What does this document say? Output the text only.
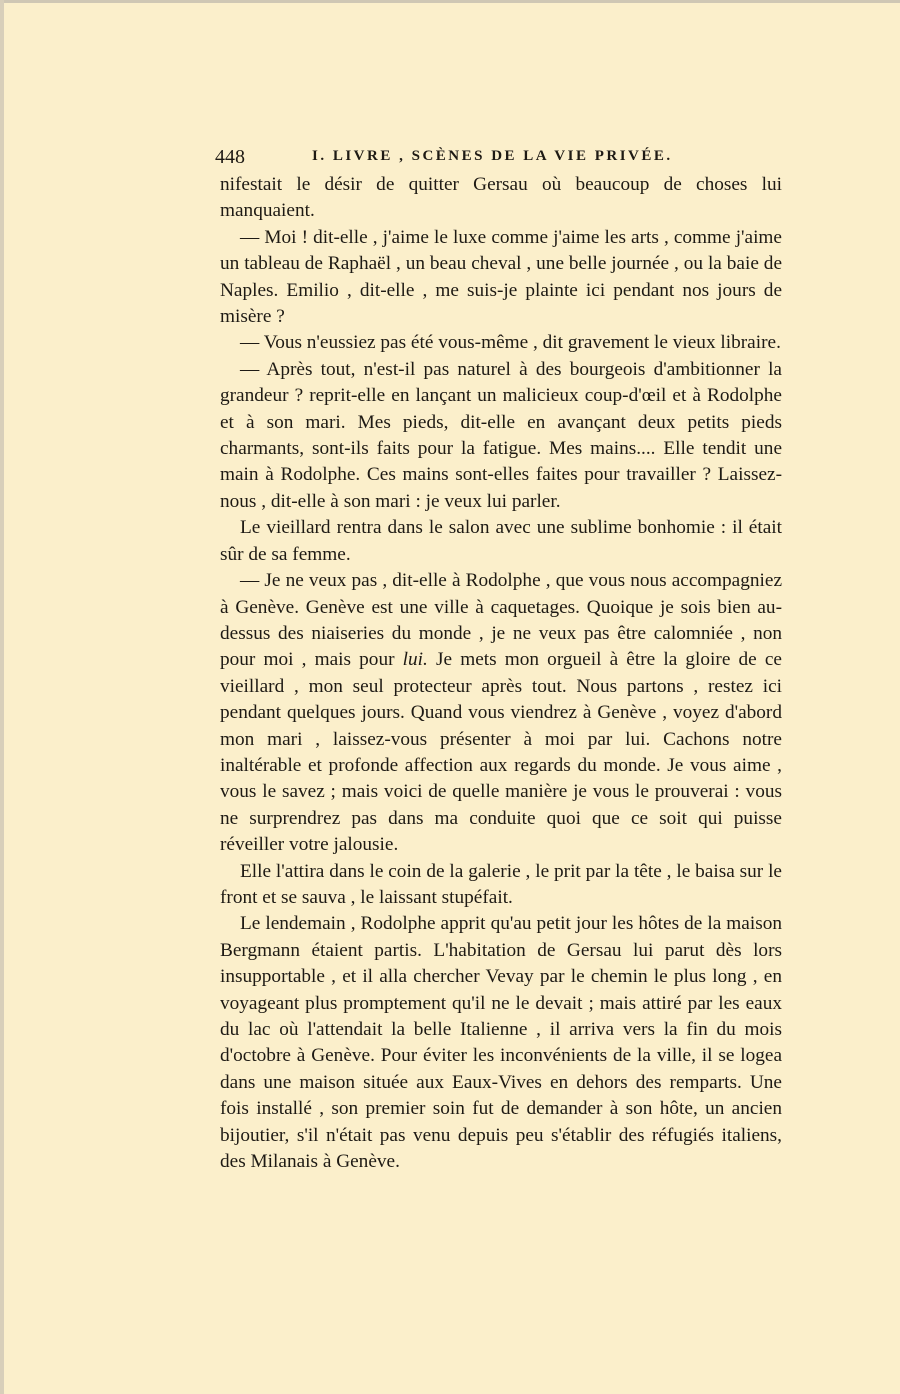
448	I. LIVRE , SCÈNES DE LA VIE PRIVÉE.

nifestait le désir de quitter Gersau où beaucoup de choses lui manquaient.

— Moi ! dit-elle , j'aime le luxe comme j'aime les arts , comme j'aime un tableau de Raphaël , un beau cheval , une belle journée , ou la baie de Naples. Emilio , dit-elle , me suis-je plainte ici pendant nos jours de misère ?

— Vous n'eussiez pas été vous-même , dit gravement le vieux libraire.

— Après tout, n'est-il pas naturel à des bourgeois d'ambitionner la grandeur ? reprit-elle en lançant un malicieux coup-d'œil et à Rodolphe et à son mari. Mes pieds, dit-elle en avançant deux petits pieds charmants, sont-ils faits pour la fatigue. Mes mains.... Elle tendit une main à Rodolphe. Ces mains sont-elles faites pour travailler ? Laissez-nous , dit-elle à son mari : je veux lui parler.

Le vieillard rentra dans le salon avec une sublime bonhomie : il était sûr de sa femme.

— Je ne veux pas , dit-elle à Rodolphe , que vous nous accompagniez à Genève. Genève est une ville à caquetages. Quoique je sois bien au-dessus des niaiseries du monde , je ne veux pas être calomniée , non pour moi , mais pour lui. Je mets mon orgueil à être la gloire de ce vieillard , mon seul protecteur après tout. Nous partons , restez ici pendant quelques jours. Quand vous viendrez à Genève , voyez d'abord mon mari , laissez-vous présenter à moi par lui. Cachons notre inaltérable et profonde affection aux regards du monde. Je vous aime , vous le savez ; mais voici de quelle manière je vous le prouverai : vous ne surprendrez pas dans ma conduite quoi que ce soit qui puisse réveiller votre jalousie.

Elle l'attira dans le coin de la galerie , le prit par la tête , le baisa sur le front et se sauva , le laissant stupéfait.

Le lendemain , Rodolphe apprit qu'au petit jour les hôtes de la maison Bergmann étaient partis. L'habitation de Gersau lui parut dès lors insupportable , et il alla chercher Vevay par le chemin le plus long , en voyageant plus promptement qu'il ne le devait ; mais attiré par les eaux du lac où l'attendait la belle Italienne , il arriva vers la fin du mois d'octobre à Genève. Pour éviter les inconvénients de la ville, il se logea dans une maison située aux Eaux-Vives en dehors des remparts. Une fois installé , son premier soin fut de demander à son hôte, un ancien bijoutier, s'il n'était pas venu depuis peu s'établir des réfugiés italiens, des Milanais à Genève.
